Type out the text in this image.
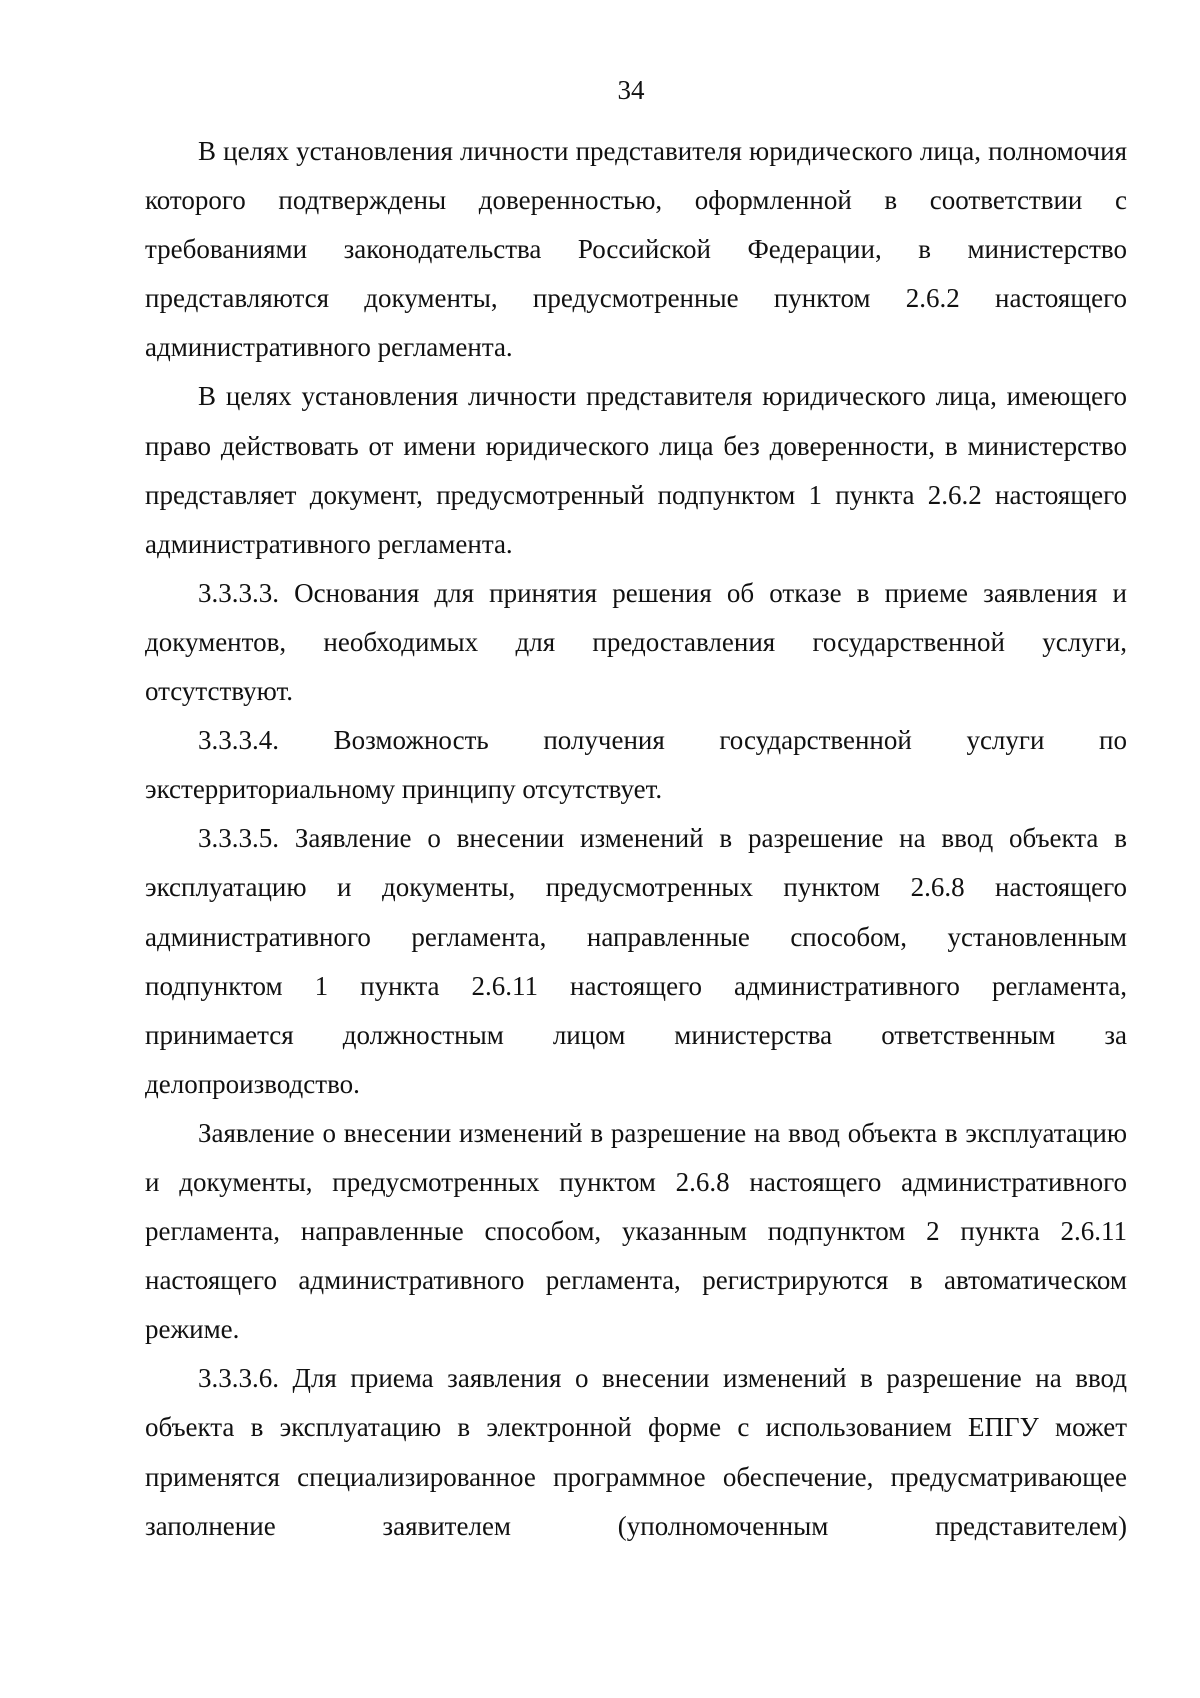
34

В целях установления личности представителя юридического лица, полномочия которого подтверждены доверенностью, оформленной в соответствии с требованиями законодательства Российской Федерации, в министерство представляются документы, предусмотренные пунктом 2.6.2 настоящего административного регламента.

В целях установления личности представителя юридического лица, имеющего право действовать от имени юридического лица без доверенности, в министерство представляет документ, предусмотренный подпунктом 1 пункта 2.6.2 настоящего административного регламента.

3.3.3.3. Основания для принятия решения об отказе в приеме заявления и документов, необходимых для предоставления государственной услуги, отсутствуют.

3.3.3.4. Возможность получения государственной услуги по экстерриториальному принципу отсутствует.

3.3.3.5. Заявление о внесении изменений в разрешение на ввод объекта в эксплуатацию и документы, предусмотренных пунктом 2.6.8 настоящего административного регламента, направленные способом, установленным подпунктом 1 пункта 2.6.11 настоящего административного регламента, принимается должностным лицом министерства ответственным за делопроизводство.

Заявление о внесении изменений в разрешение на ввод объекта в эксплуатацию и документы, предусмотренных пунктом 2.6.8 настоящего административного регламента, направленные способом, указанным подпунктом 2 пункта 2.6.11 настоящего административного регламента, регистрируются в автоматическом режиме.

3.3.3.6. Для приема заявления о внесении изменений в разрешение на ввод объекта в эксплуатацию в электронной форме с использованием ЕПГУ может применятся специализированное программное обеспечение, предусматривающее заполнение заявителем (уполномоченным представителем)
